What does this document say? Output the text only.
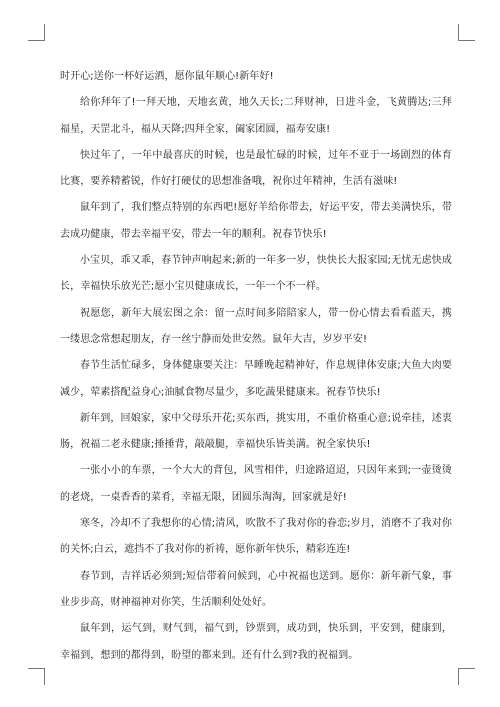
时开心;送你一杯好运酒，愿你鼠年顺心!新年好!

给你拜年了!一拜天地，天地玄黄，地久天长;二拜财神，日进斗金，飞黄腾达;三拜福星，天罡北斗，福从天降;四拜全家，阖家团圆，福寿安康!

快过年了，一年中最喜庆的时候，也是最忙碌的时候，过年不亚于一场剧烈的体育比赛，要养精蓄锐，作好打硬仗的思想准备哦，祝你过年精神，生活有滋味!

鼠年到了，我们整点特别的东西吧!愿好羊给你带去，好运平安，带去美满快乐，带去成功健康，带去幸福平安，带去一年的顺利。祝春节快乐!

小宝贝，乖又乖，春节钟声响起来;新的一年多一岁，快快长大报家园;无忧无虑快成长，幸福快乐放光芒;愿小宝贝健康成长，一年一个不一样。

祝愿您，新年大展宏图之余：留一点时间多陪陪家人，带一份心情去看看蓝天，携一缕思念常想起朋友，存一丝宁静而处世安然。鼠年大吉，岁岁平安!

春节生活忙碌多，身体健康要关注：早睡晚起精神好，作息规律体安康;大鱼大肉要减少，荤素搭配益身心;油腻食物尽量少，多吃蔬果健康来。祝春节快乐!

新年到，回娘家，家中父母乐开花;买东西，挑实用，不重价格重心意;说牵挂，述衷肠，祝福二老永健康;捶捶背，敲敲腿，幸福快乐皆美满。祝全家快乐!

一张小小的车票，一个大大的背包，风雪相伴，归途路迢迢，只因年来到;一壶烫烫的老烧，一桌香香的菜肴，幸福无限，团圆乐淘淘，回家就是好!

寒冬，冷却不了我想你的心情;清风，吹散不了我对你的眷恋;岁月，消磨不了我对你的关怀;白云，遮挡不了我对你的祈祷，愿你新年快乐，精彩连连!

春节到，吉祥话必须到;短信带着问候到，心中祝福也送到。愿你：新年新气象，事业步步高，财神福神对你笑，生活顺利处处好。

鼠年到，运气到，财气到，福气到，钞票到，成功到，快乐到，平安到，健康到，幸福到，想到的都得到，盼望的都来到。还有什么到?我的祝福到。
